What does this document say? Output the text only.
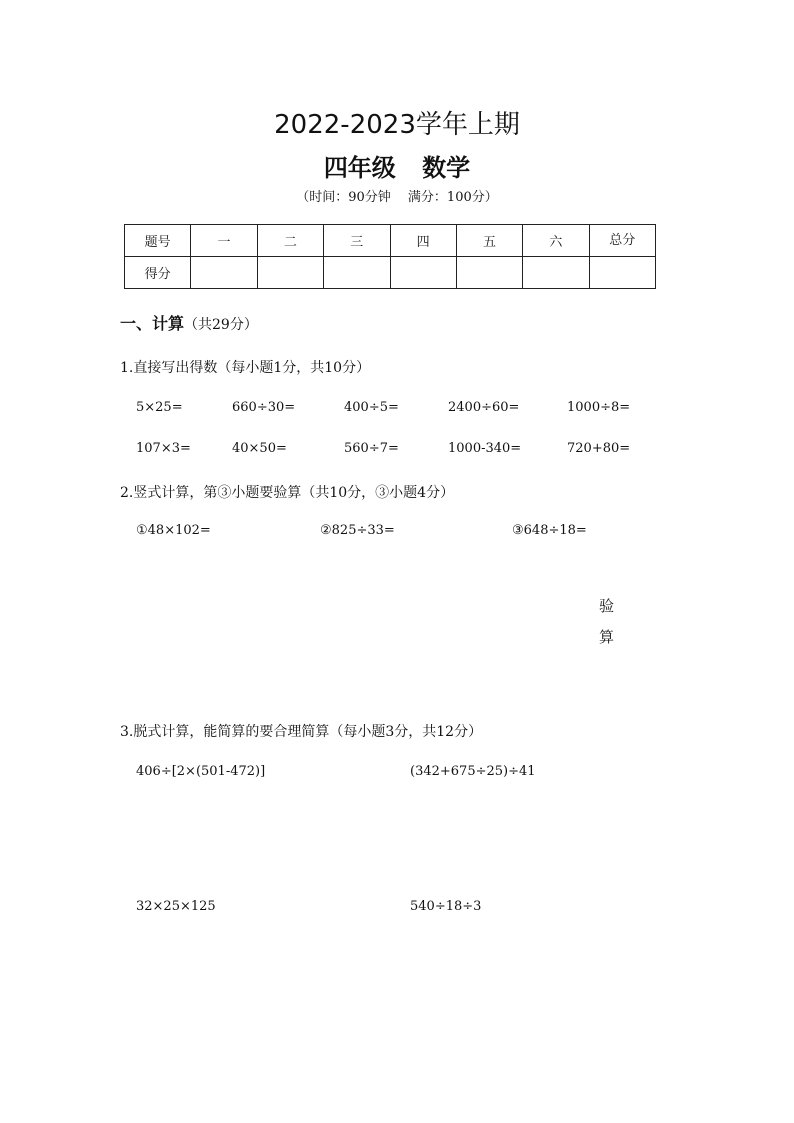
2022-2023学年上期
四年级 数学
（时间：90分钟　 满分：100分）
题号	一	二	三	四	五	六	总分
得分							
一、计算（共29分）
1.直接写出得数（每小题1分，共10分）
5×25=	660÷30=	400÷5=	2400÷60=	1000÷8=
107×3=	40×50=	560÷7=	1000-340=	720+80=
2.竖式计算，第③小题要验算（共10分，③小题4分）
①48×102=	②825÷33=	③648÷18=
验
算
3.脱式计算，能简算的要合理简算（每小题3分，共12分）
406÷[2×(501-472)]	(342+675÷25)÷41
32×25×125	540÷18÷3
